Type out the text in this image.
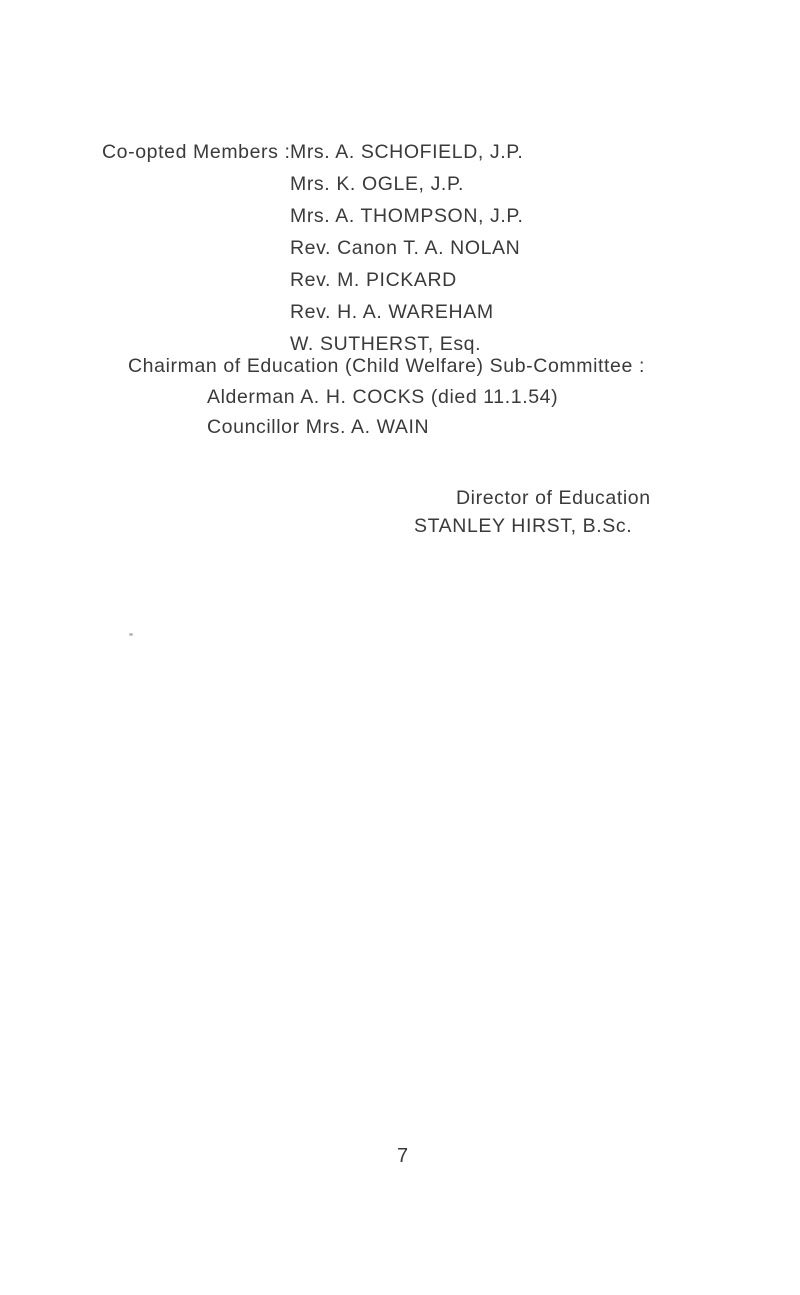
Co-opted Members : Mrs. A. SCHOFIELD, J.P.
Mrs. K. OGLE, J.P.
Mrs. A. THOMPSON, J.P.
Rev. Canon T. A. NOLAN
Rev. M. PICKARD
Rev. H. A. WAREHAM
W. SUTHERST, Esq.
Chairman of Education (Child Welfare) Sub-Committee :
Alderman A. H. COCKS (died 11.1.54)
Councillor Mrs. A. WAIN
Director of Education
STANLEY HIRST, B.Sc.
7
